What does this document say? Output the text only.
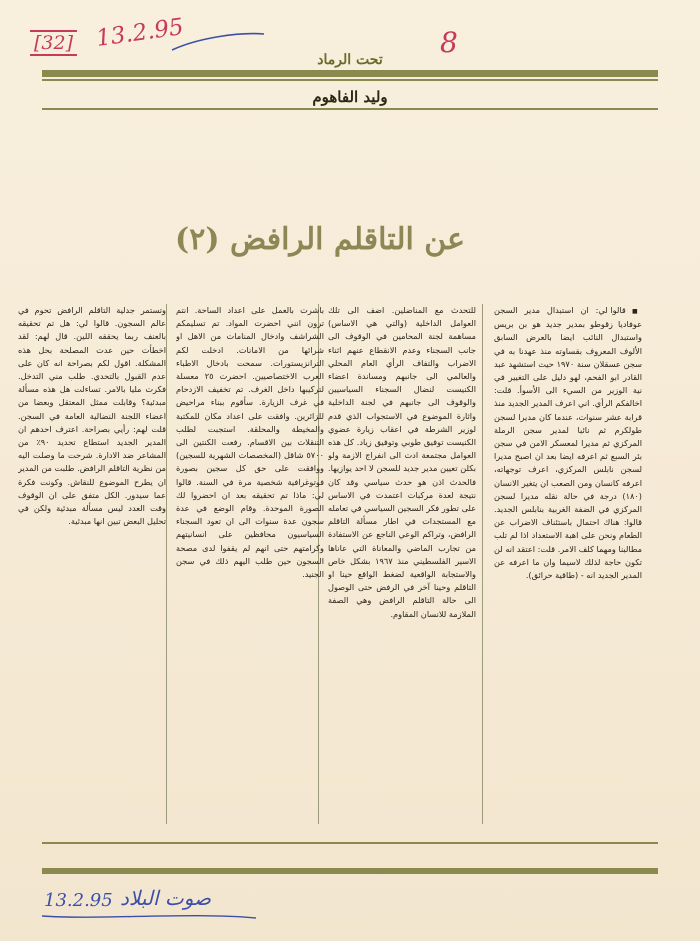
[32] 13.2.95	8
تحت الرماد
وليد الفاهوم
عن التاقلم الرافض (٢)

■ قالوا لي: ان استبدال مدير السجن عوفاديا زقوطو بمدير جديد هو بن بريس واستبدال النائب ايضا بالعرض السابق الألوف المعروف بقساوته منذ عهدنا به في سجن عسقلان سنة ١٩٧٠ حيث استشهد عبد القادر ابو الفحم، لهو دليل على التغيير في نية الوزير من السيء الى الأسوأ. قلت: اخالفكم الرأي. اني اعرف المدير الجديد منذ قرابة عشر سنوات، عندما كان مديرا لسجن طولكرم ثم نائبا لمدير سجن الرملة المركزي ثم مديرا لمعسكر الامن في سجن بئر السبع ثم اعرفه ايضا بعد ان اصبح مديرا لسجن نابلس المركزي، اعرف توجهاته، اعرفه كانسان ومن الصعب ان يتغير الانسان (١٨٠) درجة في حالة نقله مديرا لسجن المركزي في الضفة الغربية بنابلس الجديد. قالوا: هناك احتمال باستئناف الاضراب عن الطعام ونحن على اهبة الاستعداد اذا لم تلب مطالبنا ومهما كلف الامر. قلت: اعتقد انه لن تكون حاجة لذلك لاسيما وان ما اعرفه عن المدير الجديد انه - (طاقية حرائق).

للتحدث مع المناضلين. اضف الى تلك العوامل الداخلية (والتي هي الاساس) مساهمة لجنة المحامين في الوقوف الى جانب السجناء وعدم الانقطاع عنهم اثناء الاضراب والتفاف الرأي العام المحلي والعالمي الى جانبهم ومساندة اعضاء الكنيست لنضال السجناء السياسيين والوقوف الى جانبهم في لجنة الداخلية واثارة الموضوع في الاستجواب الذي قدم لوزير الشرطة في اعقاب زيارة عضوي الكنيست توفيق طوبي وتوفيق زياد. كل هذه العوامل مجتمعة ادت الى انفراج الازمة ولو بكلن تعيين مدير جديد للسجن لا احد يوازيها. فالحدث اذن هو حدث سياسي وقد كان نتيجة لعدة مركبات اعتمدت في الاساس على تطور فكر السجين السياسي في تعامله مع المستجدات في اطار مسألة التاقلم الرافض، وتراكم الوعي الناجع عن الاستفادة من تجارب الماضي والمعاناة التي عاناها الاسير الفلسطيني منذ ١٩٦٧ بشكل خاص والاستجابة الواقعية لضغط الواقع حينا او التاقلم وحينا آخر في الرفض حتى الوصول الى حالة التاقلم الرافض وهي الصفة الملازمة للانسان المقاوم.

باشرت بالعمل على اعداد الساحة. انتم ترون انني احضرت المواد. تم تسليمكم الشراشف وادخال المنامات من الاهل او شرائها من الامانات. ادخلت لكم الترانزيستورات. سمحت بادخال الاطباء العرب الاختصاصيين. احضرت ٢٥ معسلة لتركيبها داخل الغرف. تم تخفيف الازدحام في غرف الزيارة. سأقوم ببناء مراحيض للزائرين. وافقت على اعداد مكان للمكتبة والمخيطة والمحلقة. استجبت لطلب التنقلات بين الاقسام. رفعت الكنتين الى ٥٧٠٠ شاقل (المخصصات الشهرية للسجين) ووافقت على حق كل سجين بصورة فوتوغرافية شخصية مرة في السنة. قالوا لي: ماذا تم تحقيقه بعد ان احضروا لك الصورة الموحدة. وقام الوضع في عدة سجون عدة سنوات الى ان تعود السجناء السياسيون محافظين على انسانيتهم وكرامتهم حتى انهم لم يقفوا لدى مصحة السجون حين طلب اليهم ذلك في سجن الجنيد.

وتستمر جدلية التاقلم الرافض تحوم في عالم السجون. قالوا لي: هل تم تحقيقه بالعنف ربما يحققه اللين. قال لهم: لقد اخطأت حين عدت المصلحة بحل هذه المشكلة. اقول لكم بصراحة انه كان على عدم القبول بالتحدي. طلب مني التدخل. فكرت مليا بالامر. تساءلت هل هذه مسألة مبدئية؟ وقابلت ممثل المعتقل وبعضا من اعضاء اللجنة النضالية العامة في السجن. قلت لهم: رأيي بصراحة. اعترف احدهم ان المدير الجديد استطاع تحديد ٩٠٪ من المشاعر ضد الادارة. شرحت ما وصلت اليه من نظرية التاقلم الرافض. طلبت من المدير ان يطرح الموضوع للنقاش. وكونت فكرة عما سيدور. الكل متفق على ان الوقوف وقت العدد ليس مسألة مبدئية ولكن في تحليل البعض تبين انها مبدئية.

13.2.95 صوت البلاد
